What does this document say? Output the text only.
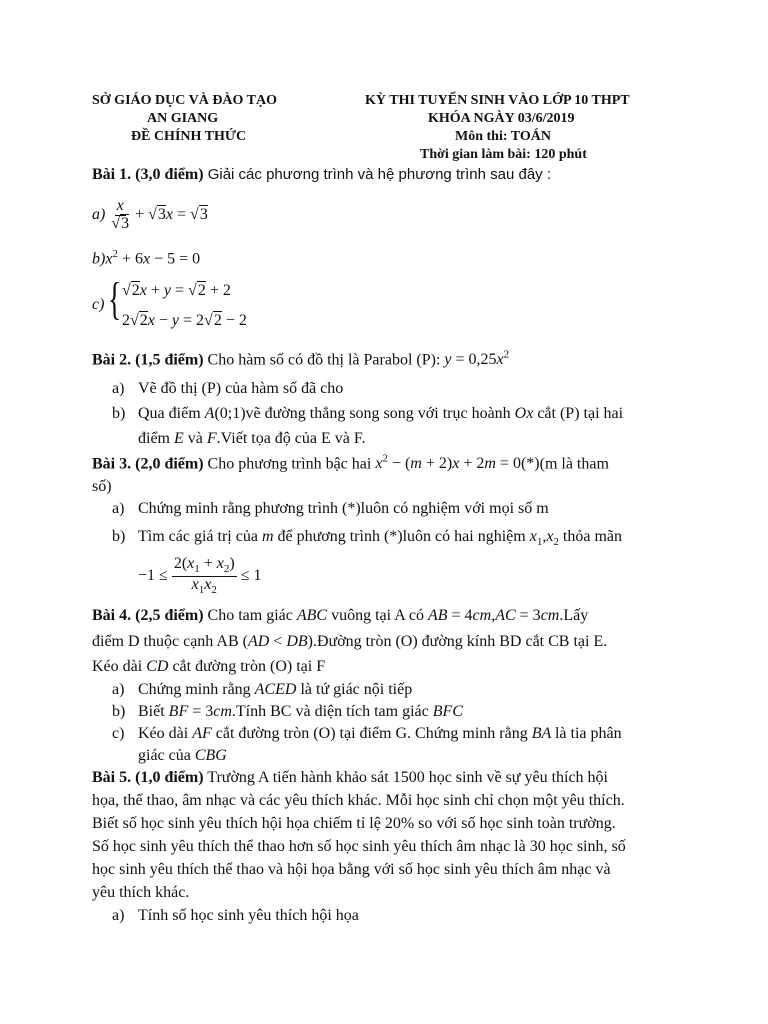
SỞ GIÁO DỤC VÀ ĐÀO TẠO
AN GIANG
ĐỀ CHÍNH THỨC
KỲ THI TUYỂN SINH VÀO LỚP 10 THPT
KHÓA NGÀY 03/6/2019
Môn thi: TOÁN
Thời gian làm bài: 120 phút
Bài 1. (3,0 điểm) Giải các phương trình và hệ phương trình sau đây :
$a) \frac{x}{√3} + √3x = √3$
$b)x^2 + 6x - 5 = 0$
c) { √2x + y = √2 + 2
2√2x − y = 2√2 − 2
Bài 2. (1,5 điểm) Cho hàm số có đồ thị là Parabol (P): $y = 0,25x^2$
a) Vẽ đồ thị (P) của hàm số đã cho
b) Qua điểm A(0;1)vẽ đường thẳng song song với trục hoành Ox cắt (P) tại hai
điểm E và F.Viết tọa độ của E và F.
Bài 3. (2,0 điểm) Cho phương trình bậc hai $x^2 - (m + 2)x + 2m = 0(*)(m$ là tham
số)
a) Chứng minh rằng phương trình (*)luôn có nghiệm với mọi số m
b) Tìm các giá trị của m để phương trình (*)luôn có hai nghiệm $x_1,x_2$ thỏa mãn
$-1 \le \frac{2(x_1 + x_2)}{x_1x_2} \le 1$
Bài 4. (2,5 điểm) Cho tam giác ABC vuông tại A có AB = 4cm,AC = 3cm.Lấy
điểm D thuộc cạnh AB (AD < DB).Đường tròn (O) đường kính BD cắt CB tại E.
Kéo dài CD cắt đường tròn (O) tại F
a) Chứng minh rằng ACED là tứ giác nội tiếp
b) Biết BF = 3cm.Tính BC và diện tích tam giác BFC
c) Kéo dài AF cắt đường tròn (O) tại điểm G. Chứng minh rằng BA là tia phân
giác của CBG
Bài 5. (1,0 điểm) Trường A tiến hành khảo sát 1500 học sinh về sự yêu thích hội
họa, thể thao, âm nhạc và các yêu thích khác. Mỗi học sinh chỉ chọn một yêu thích.
Biết số học sinh yêu thích hội họa chiếm tỉ lệ 20% so với số học sinh toàn trường.
Số học sinh yêu thích thể thao hơn số học sinh yêu thích âm nhạc là 30 học sinh, số
học sinh yêu thích thể thao và hội họa bằng với số học sinh yêu thích âm nhạc và
yêu thích khác.
a) Tính số học sinh yêu thích hội họa
